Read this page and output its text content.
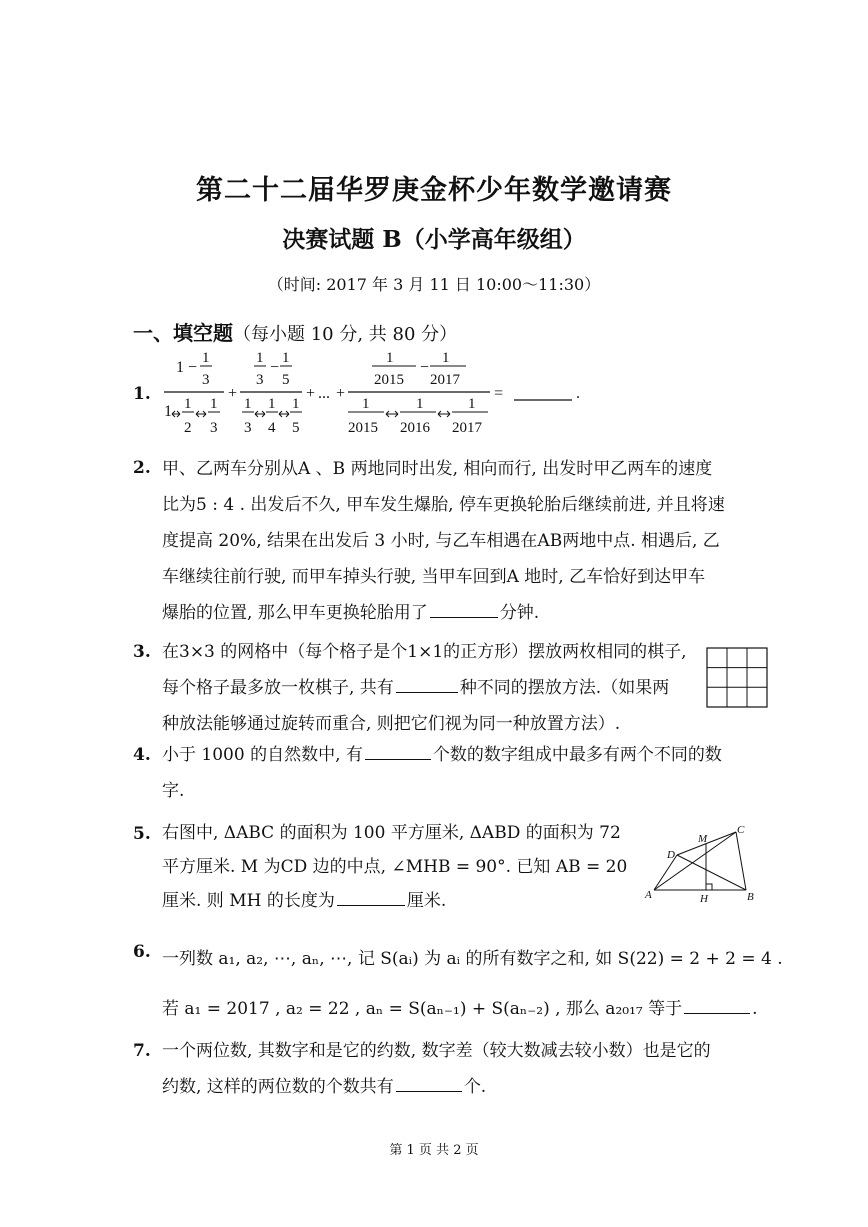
第二十二届华罗庚金杯少年数学邀请赛
决赛试题 B（小学高年级组）
（时间: 2017 年 3 月 11 日 10:00～11:30）
一、填空题（每小题 10 分, 共 80 分）
1.
1 −
1
3
1 1
2
1
3
+
1
3
−
1
5
1
3
1
4
1
5
+ ... +
1
2015
−
1
2017
1
2015
1
2016
1
2017
=	.
2. 甲、乙两车分别从A 、B 两地同时出发, 相向而行, 出发时甲乙两车的速度
比为5 : 4 . 出发后不久, 甲车发生爆胎, 停车更换轮胎后继续前进, 并且将速
度提高 20%, 结果在出发后 3 小时, 与乙车相遇在AB两地中点. 相遇后, 乙
车继续往前行驶, 而甲车掉头行驶, 当甲车回到A 地时, 乙车恰好到达甲车
爆胎的位置, 那么甲车更换轮胎用了	分钟.
3. 在3×3 的网格中（每个格子是个1×1的正方形）摆放两枚相同的棋子,
每个格子最多放一枚棋子, 共有	种不同的摆放方法.（如果两
种放法能够通过旋转而重合, 则把它们视为同一种放置方法）.
4. 小于 1000 的自然数中, 有	个数的数字组成中最多有两个不同的数
字.
5. 右图中, ΔABC 的面积为 100 平方厘米, ΔABD 的面积为 72
平方厘米. M 为CD 边的中点, ∠MHB = 90°. 已知 AB = 20
厘米. 则 MH 的长度为	厘米.	A	B
C
D
M
H
6. 一列数 a₁, a₂, ⋯, aₙ, ⋯, 记 S(aᵢ) 为 aᵢ 的所有数字之和, 如 S(22) = 2 + 2 = 4 .
若 a₁ = 2017 , a₂ = 22 , aₙ = S(aₙ₋₁) + S(aₙ₋₂) , 那么 a₂₀₁₇ 等于	.
7. 一个两位数, 其数字和是它的约数, 数字差（较大数减去较小数）也是它的
约数, 这样的两位数的个数共有	个.
第 1 页 共 2 页
